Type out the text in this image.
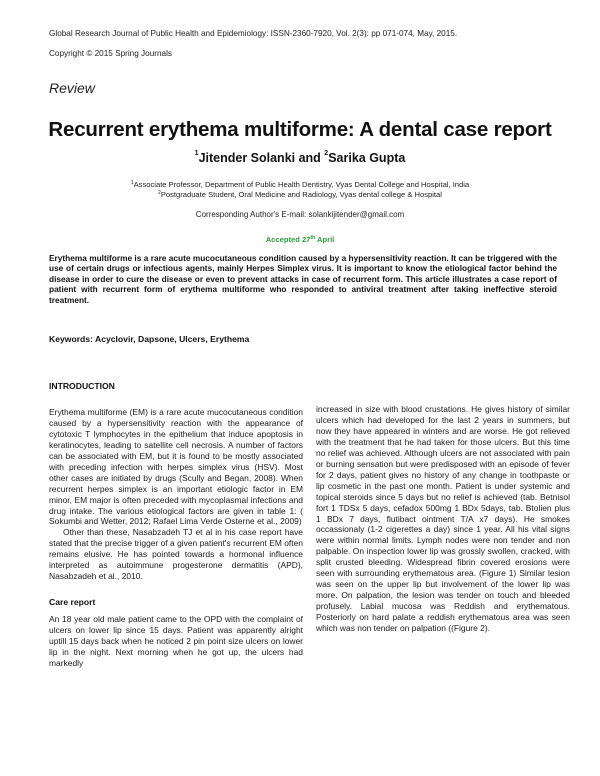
Global Research Journal of Public Health and Epidemiology: ISSN-2360-7920, Vol. 2(3): pp 071-074, May, 2015.
Copyright © 2015 Spring Journals
Review
Recurrent erythema multiforme: A dental case report
$^1$Jitender Solanki and $^2$Sarika Gupta
$^1$Associate Professor, Department of Public Health Dentistry, Vyas Dental College and Hospital, India
$^2$Postgraduate Student, Oral Medicine and Radiology, Vyas dental college & Hospital
Corresponding Author's E-mail: solankijitender@gmail.com
Accepted 27th April
Erythema multiforme is a rare acute mucocutaneous condition caused by a hypersensitivity reaction. It can be triggered with the use of certain drugs or infectious agents, mainly Herpes Simplex virus. It is important to know the etiological factor behind the disease in order to cure the disease or even to prevent attacks in case of recurrent form. This article illustrates a case report of patient with recurrent form of erythema multiforme who responded to antiviral treatment after taking ineffective steroid treatment.
Keywords: Acyclovir, Dapsone, Ulcers, Erythema
INTRODUCTION

Erythema multiforme (EM) is a rare acute mucocutaneous condition caused by a hypersensitivity reaction with the appearance of cytotoxic T lymphocytes in the epithelium that induce apoptosis in keratinocytes, leading to satellite cell necrosis. A number of factors can be associated with EM, but it is found to be mostly associated with preceding infection with herpes simplex virus (HSV). Most other cases are initiated by drugs (Scully and Began, 2008). When recurrent herpes simplex is an important etiologic factor in EM minor, EM major is often preceded with mycoplasmal infections and drug intake. The various etiological factors are given in table 1: ( Sokumbi and Wetter, 2012; Rafael Lima Verde Osterne et al., 2009)

Other than these, Nasabzadeh TJ et al in his case report have stated that the precise trigger of a given patient's recurrent EM often remains elusive. He has pointed towards a hormonal influence interpreted as autoimmune progesterone dermatitis (APD), Nasabzadeh et al., 2010.

Care report

An 18 year old male patient came to the OPD with the complaint of ulcers on lower lip since 15 days. Patient was apparently alright uptill 15 days back when he noticed 2 pin point size ulcers on lower lip in the night. Next morning when he got up, the ulcers had markedly

increased in size with blood crustations. He gives history of similar ulcers which had developed for the last 2 years in summers, but now they have appeared in winters and are worse. He got relieved with the treatment that he had taken for those ulcers. But this time no relief was achieved. Although ulcers are not associated with pain or burning sensation but were predisposed with an episode of fever for 2 days, patient gives no history of any change in toothpaste or lip cosmetic in the past one month. Patient is under systemic and topical steroids since 5 days but no relief is achieved (tab. Betnisol fort 1 TDSx 5 days, cefadox 500mg 1 BDx 5days, tab. Btolien plus 1 BDx 7 days, flutibact ointment T/A x7 days). He smokes occassionaly (1-2 cigerettes a day) since 1 year. All his vital signs were within normal limits. Lymph nodes were non tender and non palpable. On inspection lower lip was grossly swollen, cracked, with split crusted bleeding. Widespread fibrin covered erosions were seen with surrounding erythematous area. (Figure 1) Similar lesion was seen on the upper lip but involvement of the lower lip was more. On palpation, the lesion was tender on touch and bleeded profusely. Labial mucosa was Reddish and erythematous. Posteriorly on hard palate a reddish erythematous area was seen which was non tender on palpation ((Figure 2).
